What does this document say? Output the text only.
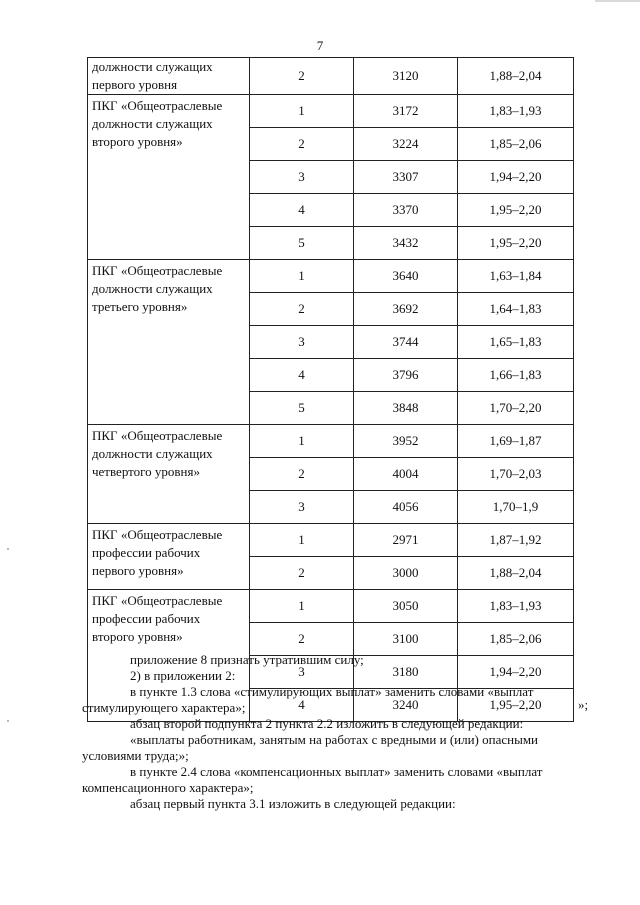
7
должности служащих первого уровня	2	3120	1,88–2,04
ПКГ «Общеотраслевые должности служащих второго уровня»	1	3172	1,83–1,93
	2	3224	1,85–2,06
	3	3307	1,94–2,20
	4	3370	1,95–2,20
	5	3432	1,95–2,20
ПКГ «Общеотраслевые должности служащих третьего уровня»	1	3640	1,63–1,84
	2	3692	1,64–1,83
	3	3744	1,65–1,83
	4	3796	1,66–1,83
	5	3848	1,70–2,20
ПКГ «Общеотраслевые должности служащих четвертого уровня»	1	3952	1,69–1,87
	2	4004	1,70–2,03
	3	4056	1,70–1,9
ПКГ «Общеотраслевые профессии рабочих первого уровня»	1	2971	1,87–1,92
	2	3000	1,88–2,04
ПКГ «Общеотраслевые профессии рабочих второго уровня»	1	3050	1,83–1,93
	2	3100	1,85–2,06
	3	3180	1,94–2,20
	4	3240	1,95–2,20	»;

приложение 8 признать утратившим силу;

2) в приложении 2:

в пункте 1.3 слова «стимулирующих выплат» заменить словами «выплат

стимулирующего характера»;

абзац второй подпункта 2 пункта 2.2 изложить в следующей редакции:

«выплаты работникам, занятым на работах с вредными и (или) опасными

условиями труда;»;

в пункте 2.4 слова «компенсационных выплат» заменить словами «выплат

компенсационного характера»;

абзац первый пункта 3.1 изложить в следующей редакции:
